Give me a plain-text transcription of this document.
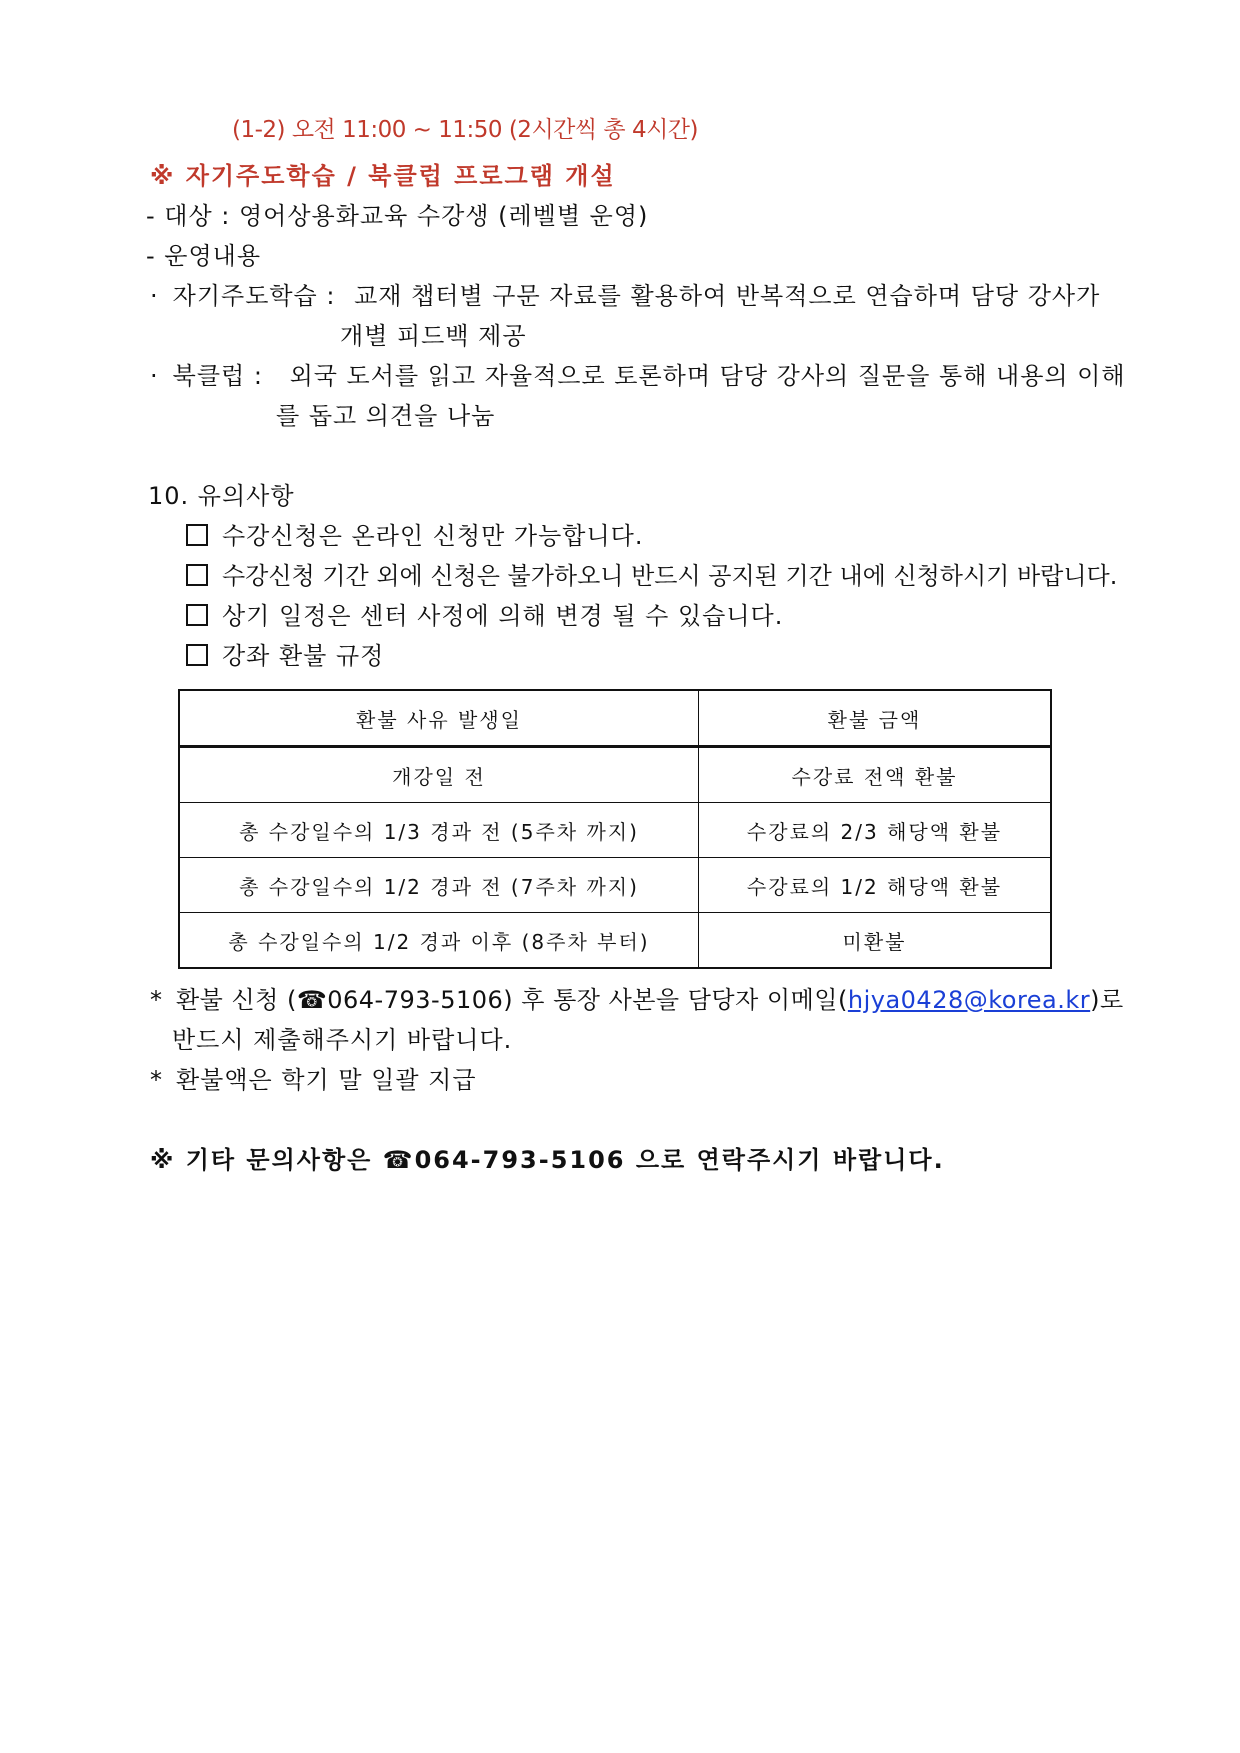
(1-2) 오전 11:00 ~ 11:50 (2시간씩 총 4시간)
※ 자기주도학습 / 북클럽 프로그램 개설
- 대상 : 영어상용화교육 수강생 (레벨별 운영)
- 운영내용
· 자기주도학습 : 교재 챕터별 구문 자료를 활용하여 반복적으로 연습하며 담당 강사가
개별 피드백 제공
· 북클럽 : 외국 도서를 읽고 자율적으로 토론하며 담당 강사의 질문을 통해 내용의 이해
를 돕고 의견을 나눔
10. 유의사항
수강신청은 온라인 신청만 가능합니다.
수강신청 기간 외에 신청은 불가하오니 반드시 공지된 기간 내에 신청하시기 바랍니다.
상기 일정은 센터 사정에 의해 변경 될 수 있습니다.
강좌 환불 규정
환불 사유 발생일	환불 금액
개강일 전	수강료 전액 환불
총 수강일수의 1/3 경과 전 (5주차 까지)	수강료의 2/3 해당액 환불
총 수강일수의 1/2 경과 전 (7주차 까지)	수강료의 1/2 해당액 환불
총 수강일수의 1/2 경과 이후 (8주차 부터)	미환불
* 환불 신청 (☎064-793-5106) 후 통장 사본을 담당자 이메일(hjya0428@korea.kr)로
반드시 제출해주시기 바랍니다.
* 환불액은 학기 말 일괄 지급
※ 기타 문의사항은 ☎064-793-5106 으로 연락주시기 바랍니다.
